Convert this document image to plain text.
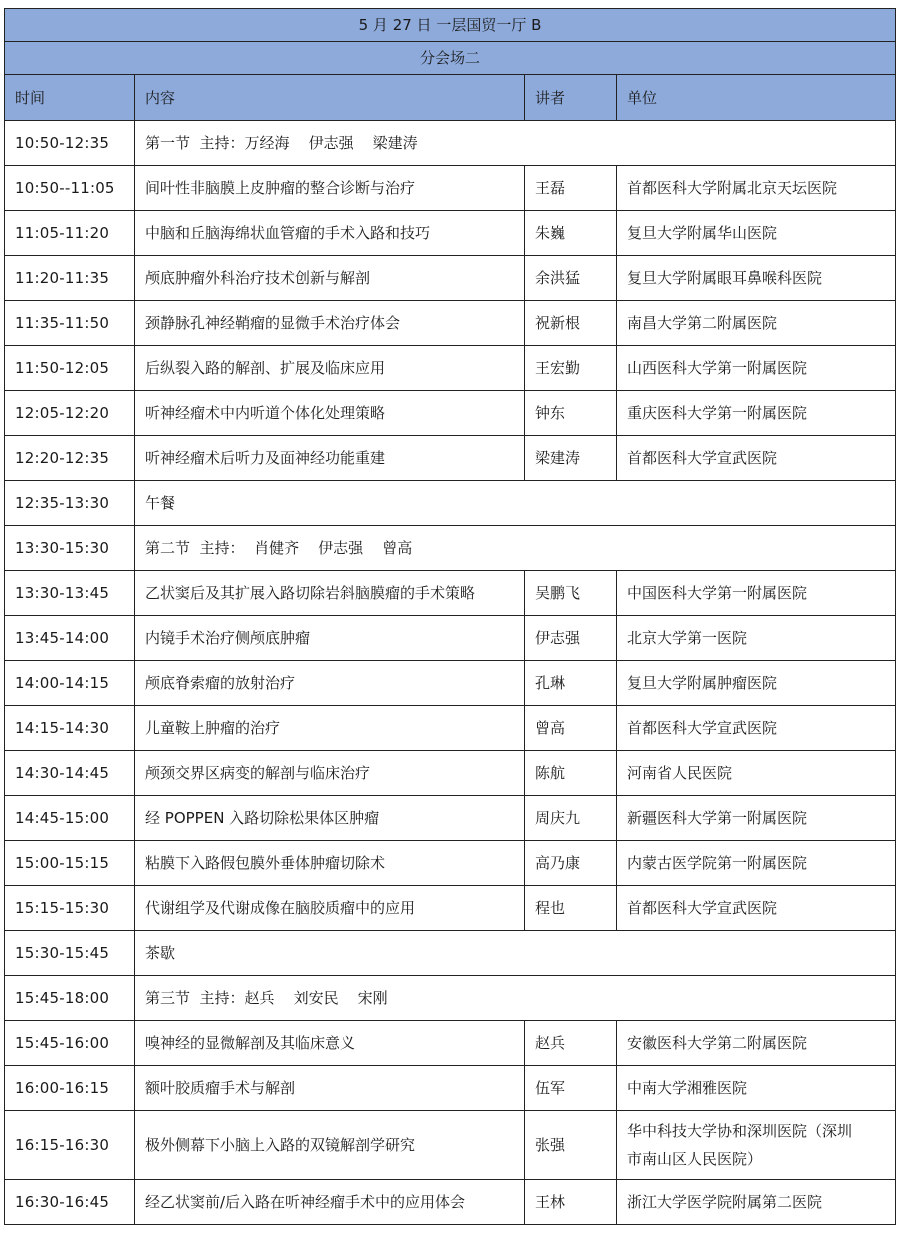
5 月 27 日 一层国贸一厅 B			
分会场二			
时间	内容	讲者	单位
10:50-12:35	第一节  主持：万经海    伊志强    梁建涛		
10:50--11:05	间叶性非脑膜上皮肿瘤的整合诊断与治疗	王磊	首都医科大学附属北京天坛医院
11:05-11:20	中脑和丘脑海绵状血管瘤的手术入路和技巧	朱巍	复旦大学附属华山医院
11:20-11:35	颅底肿瘤外科治疗技术创新与解剖	余洪猛	复旦大学附属眼耳鼻喉科医院
11:35-11:50	颈静脉孔神经鞘瘤的显微手术治疗体会	祝新根	南昌大学第二附属医院
11:50-12:05	后纵裂入路的解剖、扩展及临床应用	王宏勤	山西医科大学第一附属医院
12:05-12:20	听神经瘤术中内听道个体化处理策略	钟东	重庆医科大学第一附属医院
12:20-12:35	听神经瘤术后听力及面神经功能重建	梁建涛	首都医科大学宣武医院
12:35-13:30	午餐		
13:30-15:30	第二节  主持：  肖健齐    伊志强    曾高		
13:30-13:45	乙状窦后及其扩展入路切除岩斜脑膜瘤的手术策略	吴鹏飞	中国医科大学第一附属医院
13:45-14:00	内镜手术治疗侧颅底肿瘤	伊志强	北京大学第一医院
14:00-14:15	颅底脊索瘤的放射治疗	孔琳	复旦大学附属肿瘤医院
14:15-14:30	儿童鞍上肿瘤的治疗	曾高	首都医科大学宣武医院
14:30-14:45	颅颈交界区病变的解剖与临床治疗	陈航	河南省人民医院
14:45-15:00	经 POPPEN 入路切除松果体区肿瘤	周庆九	新疆医科大学第一附属医院
15:00-15:15	粘膜下入路假包膜外垂体肿瘤切除术	高乃康	内蒙古医学院第一附属医院
15:15-15:30	代谢组学及代谢成像在脑胶质瘤中的应用	程也	首都医科大学宣武医院
15:30-15:45	茶歇		
15:45-18:00	第三节  主持：赵兵    刘安民    宋刚		
15:45-16:00	嗅神经的显微解剖及其临床意义	赵兵	安徽医科大学第二附属医院
16:00-16:15	额叶胶质瘤手术与解剖	伍军	中南大学湘雅医院
16:15-16:30	极外侧幕下小脑上入路的双镜解剖学研究	张强	华中科技大学协和深圳医院（深圳
市南山区人民医院）

16:30-16:45	经乙状窦前/后入路在听神经瘤手术中的应用体会	王林	浙江大学医学院附属第二医院
